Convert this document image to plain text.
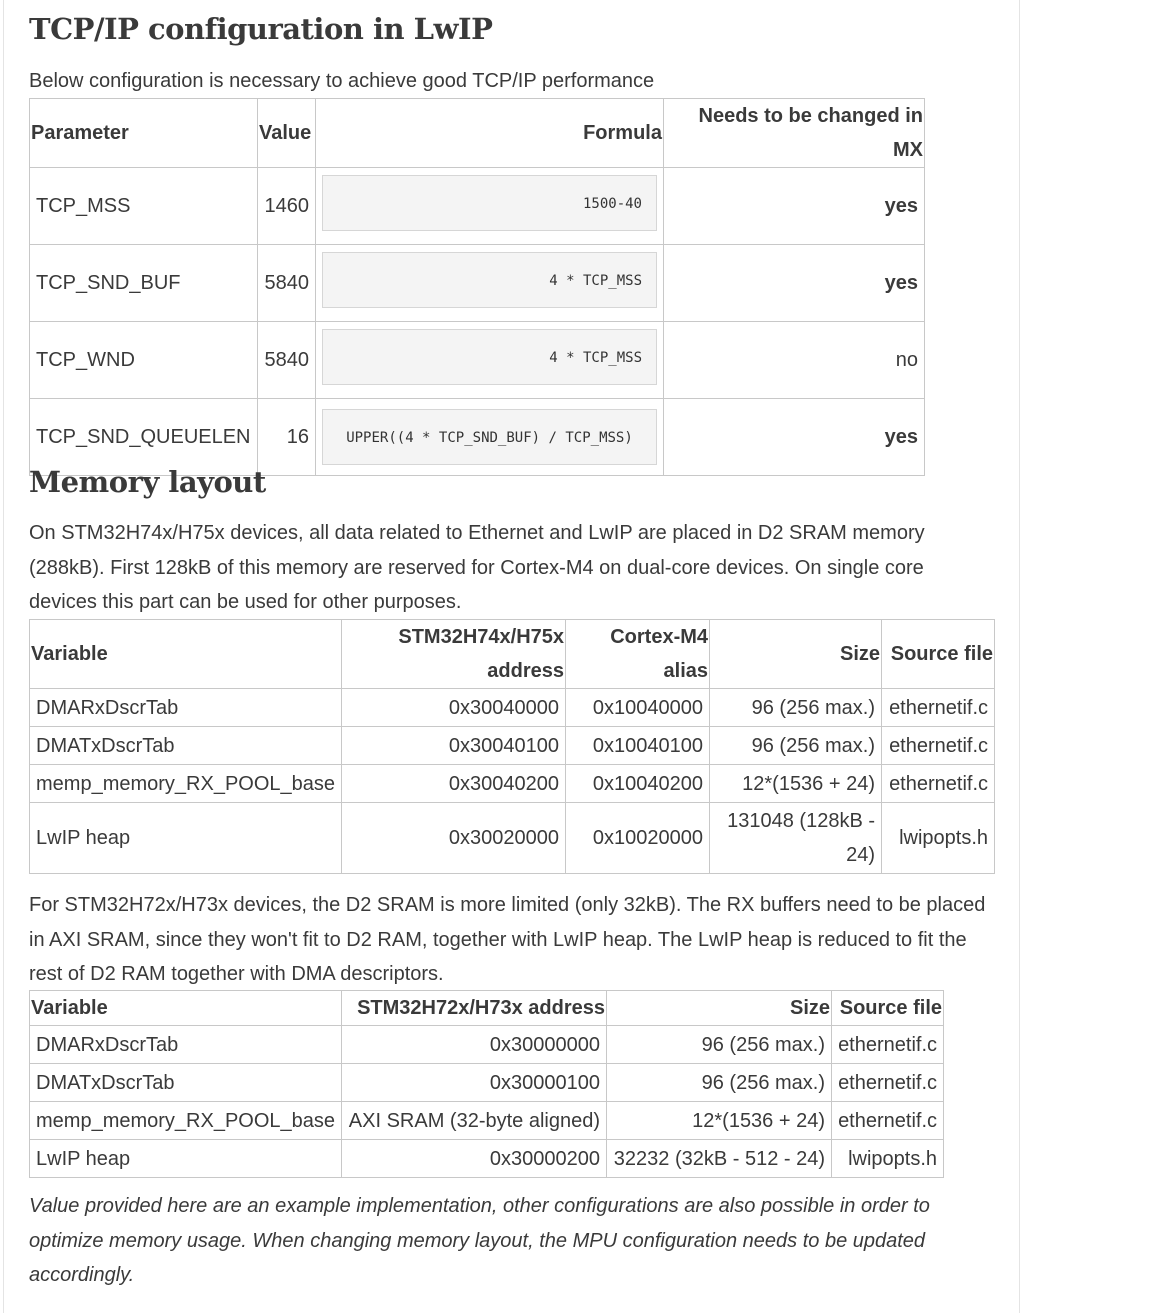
TCP/IP configuration in LwIP

Below configuration is necessary to achieve good TCP/IP performance

Parameter	Value	Formula	Needs to be changed in MX
TCP_MSS	1460	1500-40	yes
TCP_SND_BUF	5840	4 * TCP_MSS	yes
TCP_WND	5840	4 * TCP_MSS	no
TCP_SND_QUEUELEN	16	UPPER((4 * TCP_SND_BUF) / TCP_MSS)	yes
Memory layout

On STM32H74x/H75x devices, all data related to Ethernet and LwIP are placed in D2 SRAM memory (288kB). First 128kB of this memory are reserved for Cortex-M4 on dual-core devices. On single core devices this part can be used for other purposes.

Variable	STM32H74x/H75x address	Cortex-M4 alias	Size	Source file
DMARxDscrTab	0x30040000	0x10040000	96 (256 max.)	ethernetif.c
DMATxDscrTab	0x30040100	0x10040100	96 (256 max.)	ethernetif.c
memp_memory_RX_POOL_base	0x30040200	0x10040200	12*(1536 + 24)	ethernetif.c
LwIP heap	0x30020000	0x10020000	131048 (128kB - 24)	lwipopts.h

For STM32H72x/H73x devices, the D2 SRAM is more limited (only 32kB). The RX buffers need to be placed in AXI SRAM, since they won't fit to D2 RAM, together with LwIP heap. The LwIP heap is reduced to fit the rest of D2 RAM together with DMA descriptors.

Variable	STM32H72x/H73x address	Size	Source file
DMARxDscrTab	0x30000000	96 (256 max.)	ethernetif.c
DMATxDscrTab	0x30000100	96 (256 max.)	ethernetif.c
memp_memory_RX_POOL_base	AXI SRAM (32-byte aligned)	12*(1536 + 24)	ethernetif.c
LwIP heap	0x30000200	32232 (32kB - 512 - 24)	lwipopts.h

Value provided here are an example implementation, other configurations are also possible in order to optimize memory usage. When changing memory layout, the MPU configuration needs to be updated accordingly.
